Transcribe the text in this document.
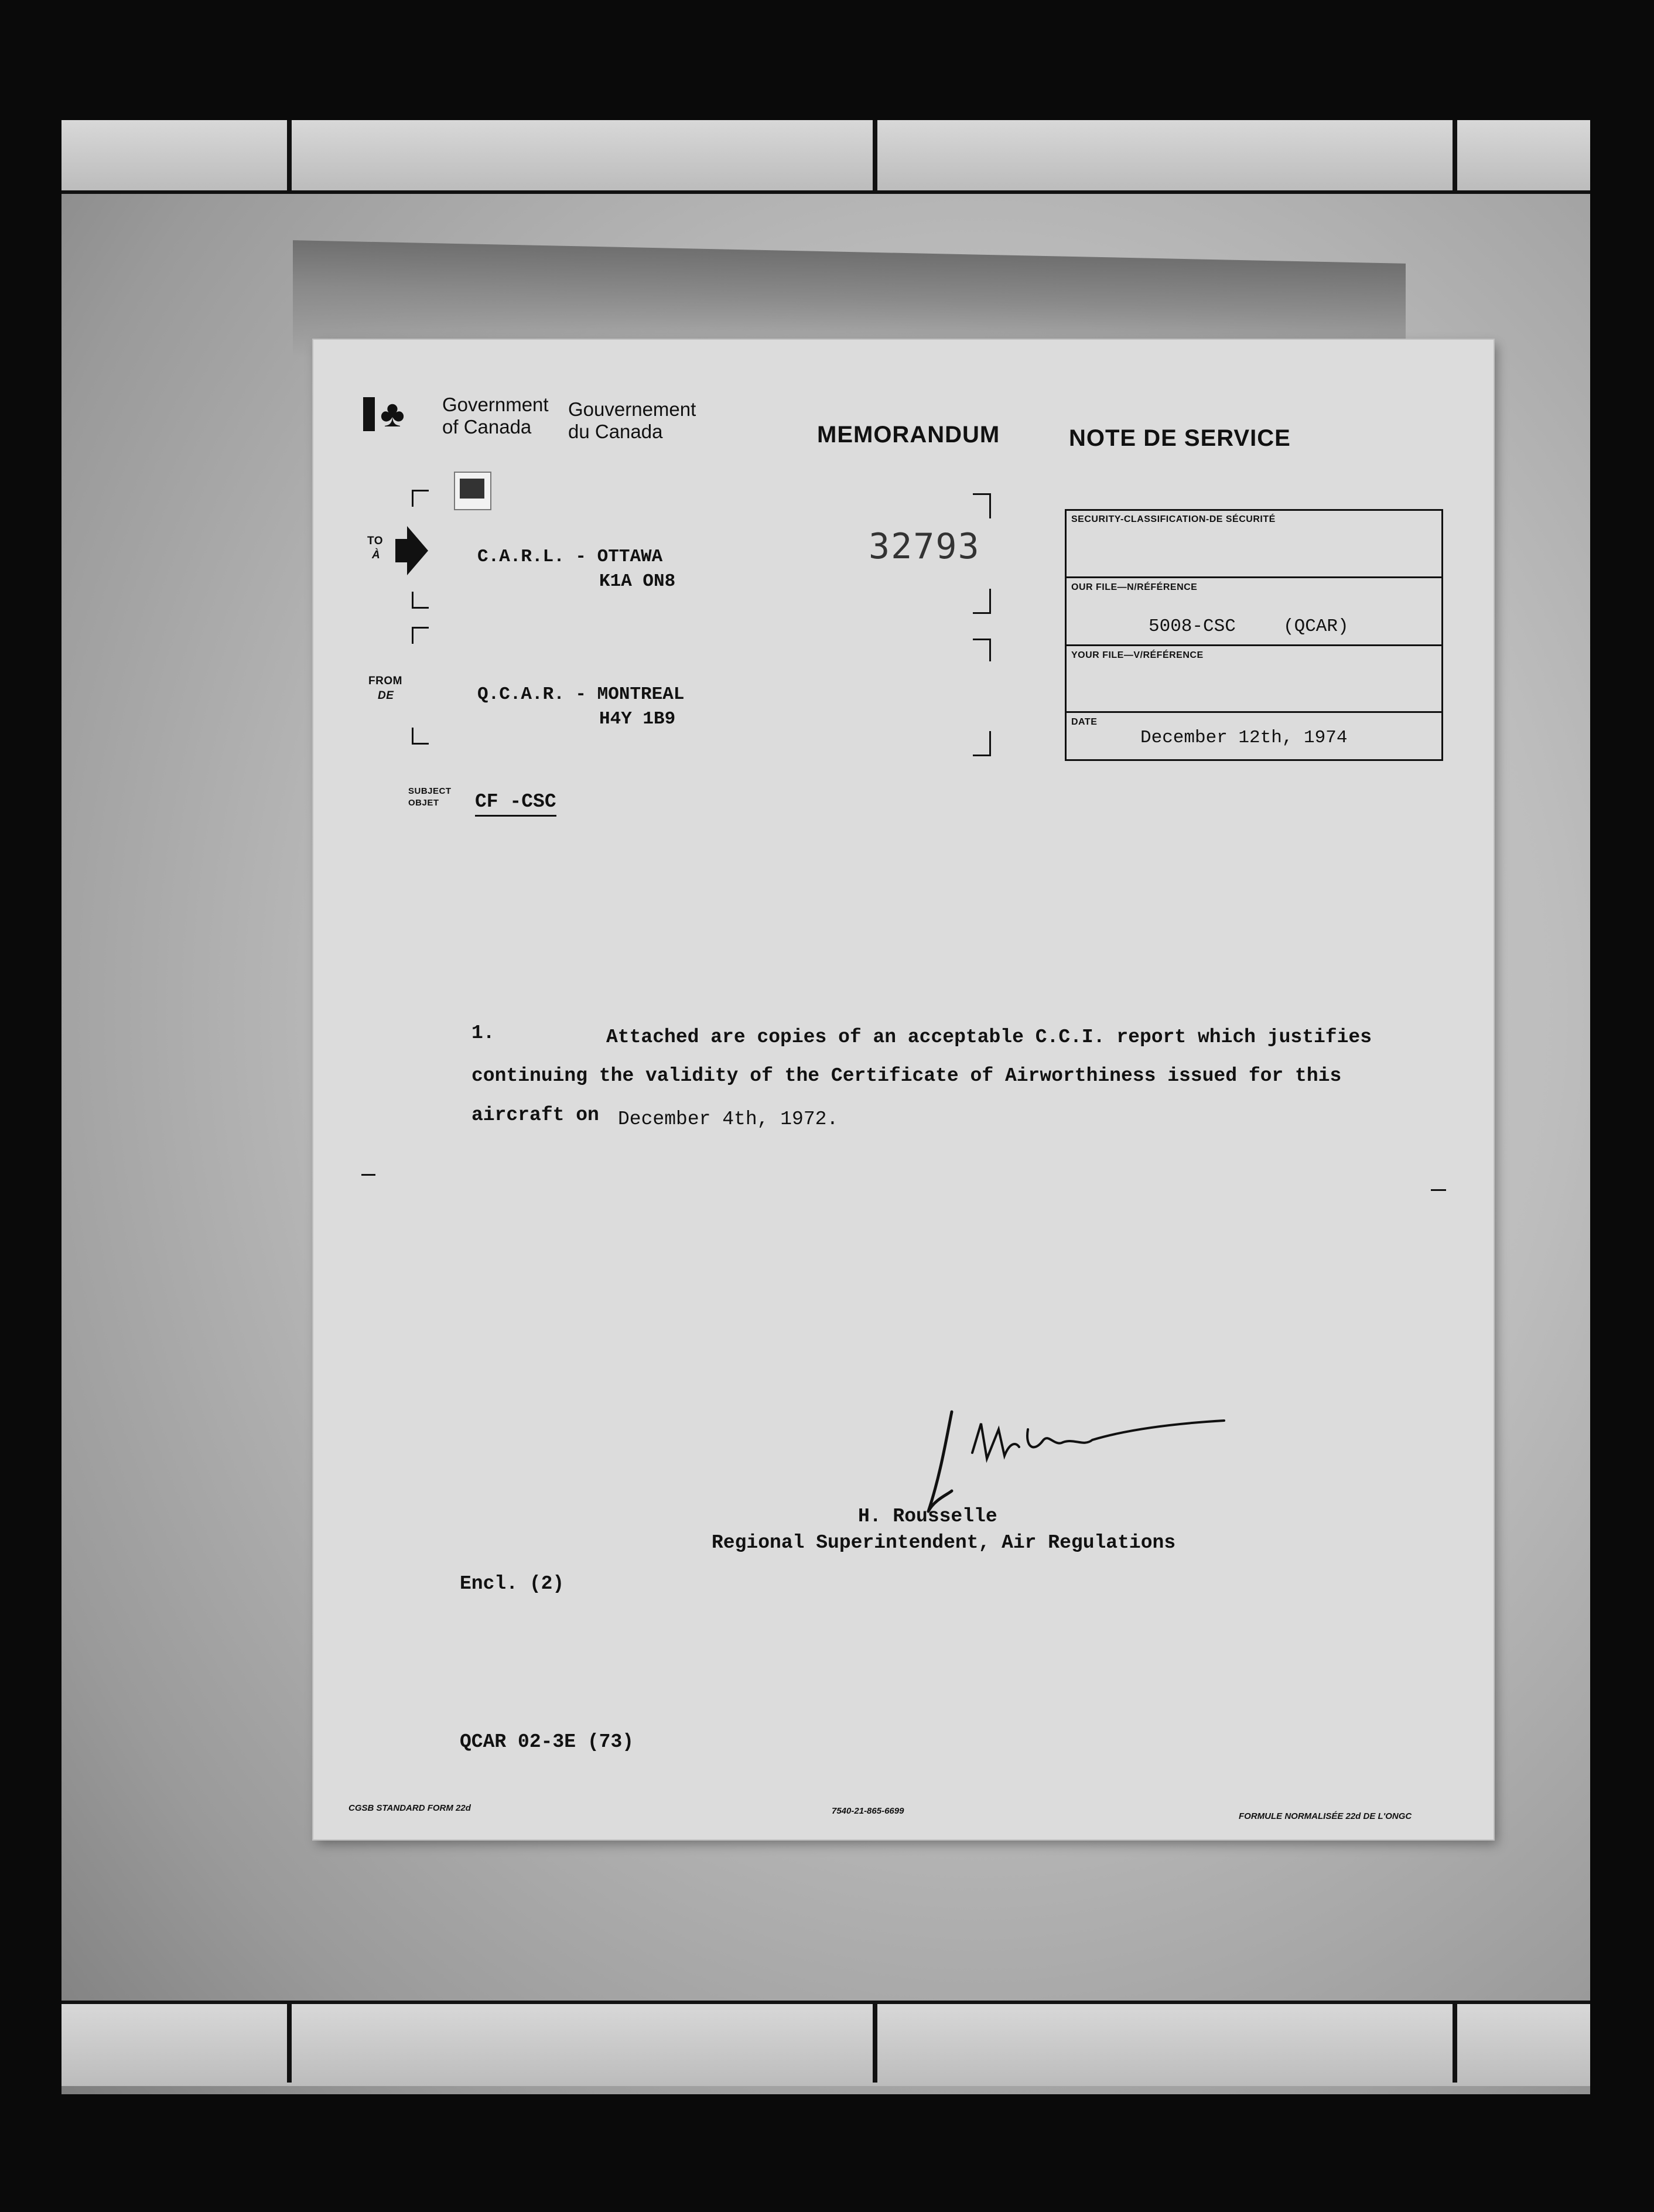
♣ Government
of Canada
Gouvernement
du Canada	MEMORANDUM	NOTE DE SERVICE
TO
À	C.A.R.L. - OTTAWA
K1A ON8
32793
FROM
DE	Q.C.A.R. - MONTREAL
H4Y 1B9
SUBJECT
OBJET CF -CSC
SECURITY-CLASSIFICATION-DE SÉCURITÉ
OUR FILE—N/RÉFÉRENCE
5008-CSC	(QCAR)
YOUR FILE—V/RÉFÉRENCE
DATE
December 12th, 1974
1.	Attached are copies of an acceptable C.C.I. report which justifies
continuing the validity of the Certificate of Airworthiness issued for this
aircraft on December 4th, 1972.
H. Rousselle
Regional Superintendent, Air Regulations
Encl. (2)
QCAR 02-3E (73)
CGSB STANDARD FORM 22d	7540-21-865-6699
FORMULE NORMALISÉE 22d DE L'ONGC
